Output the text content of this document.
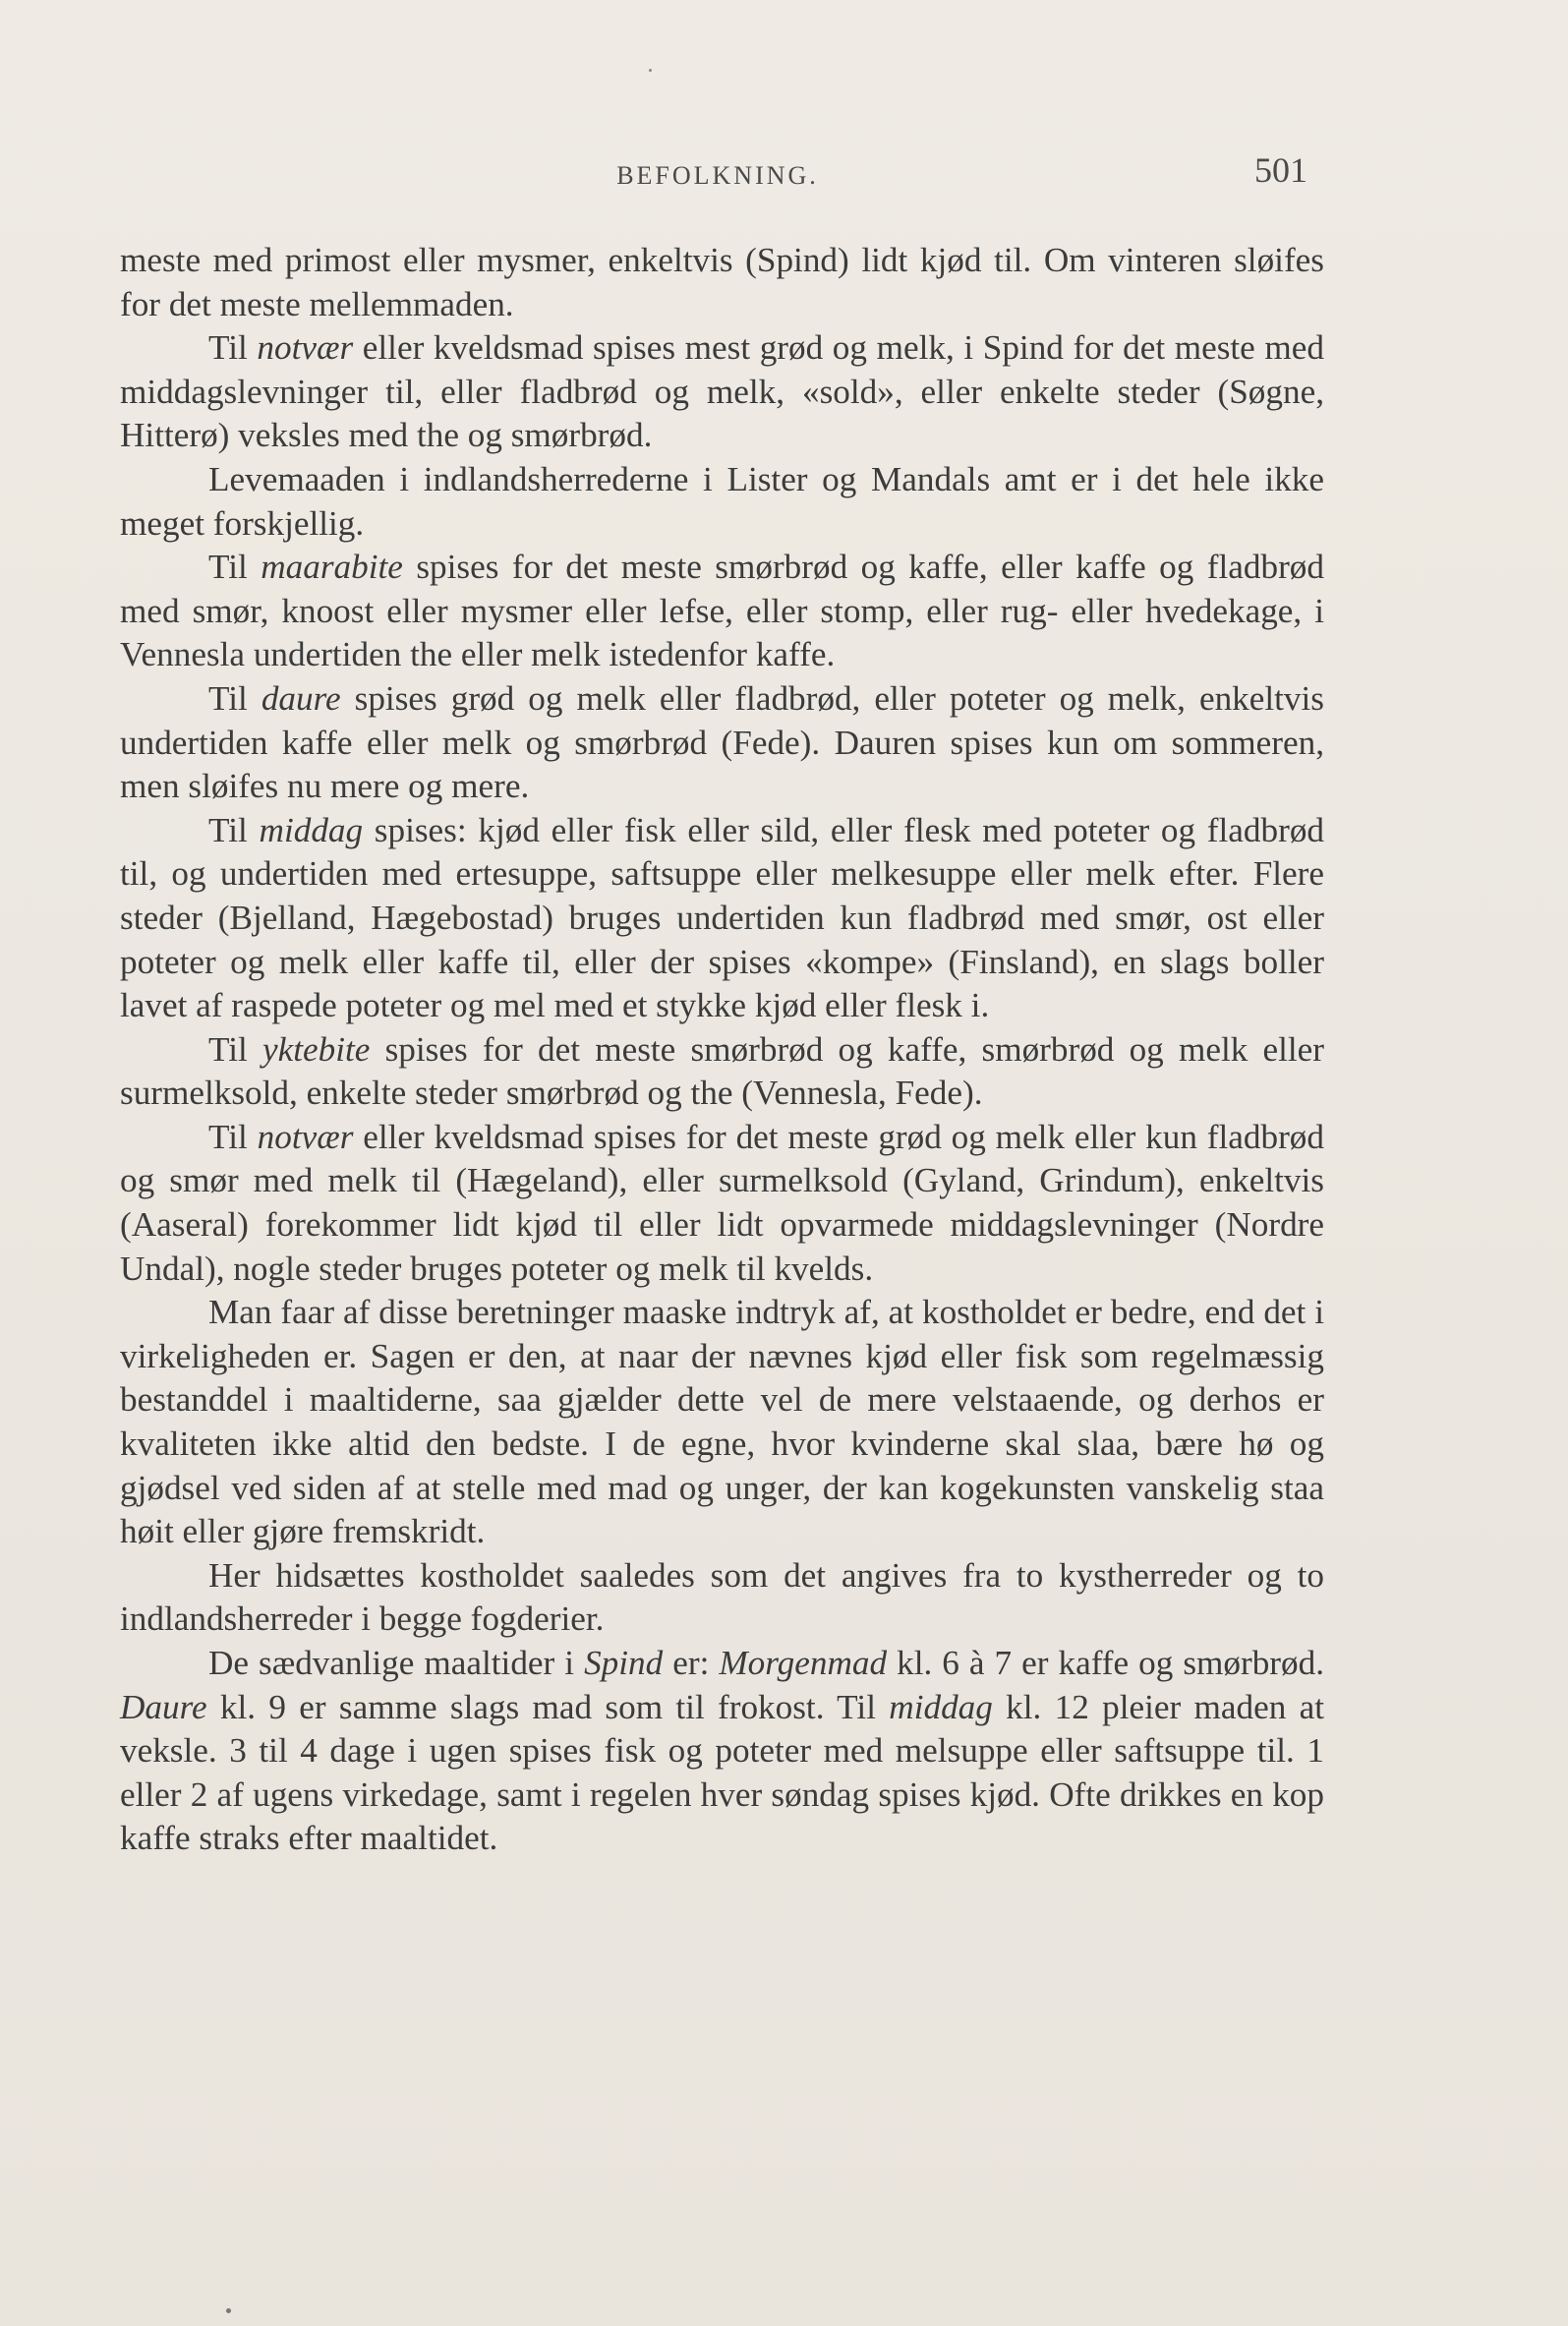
BEFOLKNING.	501

meste med primost eller mysmer, enkeltvis (Spind) lidt kjød til. Om vinteren sløifes for det meste mellemmaden.

Til notvær eller kveldsmad spises mest grød og melk, i Spind for det meste med middagslevninger til, eller fladbrød og melk, «sold», eller enkelte steder (Søgne, Hitterø) veksles med the og smørbrød.

Levemaaden i indlandsherrederne i Lister og Mandals amt er i det hele ikke meget forskjellig.

Til maarabite spises for det meste smørbrød og kaffe, eller kaffe og fladbrød med smør, knoost eller mysmer eller lefse, eller stomp, eller rug- eller hvedekage, i Vennesla undertiden the eller melk istedenfor kaffe.

Til daure spises grød og melk eller fladbrød, eller poteter og melk, enkeltvis undertiden kaffe eller melk og smørbrød (Fede). Dauren spises kun om sommeren, men sløifes nu mere og mere.

Til middag spises: kjød eller fisk eller sild, eller flesk med poteter og fladbrød til, og undertiden med ertesuppe, saftsuppe eller melkesuppe eller melk efter. Flere steder (Bjelland, Hægebostad) bruges undertiden kun fladbrød med smør, ost eller poteter og melk eller kaffe til, eller der spises «kompe» (Finsland), en slags boller lavet af raspede poteter og mel med et stykke kjød eller flesk i.

Til yktebite spises for det meste smørbrød og kaffe, smørbrød og melk eller surmelksold, enkelte steder smørbrød og the (Vennesla, Fede).

Til notvær eller kveldsmad spises for det meste grød og melk eller kun fladbrød og smør med melk til (Hægeland), eller surmelksold (Gyland, Grindum), enkeltvis (Aaseral) forekommer lidt kjød til eller lidt opvarmede middagslevninger (Nordre Undal), nogle steder bruges poteter og melk til kvelds.

Man faar af disse beretninger maaske indtryk af, at kostholdet er bedre, end det i virkeligheden er. Sagen er den, at naar der nævnes kjød eller fisk som regelmæssig bestanddel i maaltiderne, saa gjælder dette vel de mere velstaaende, og derhos er kvaliteten ikke altid den bedste. I de egne, hvor kvinderne skal slaa, bære hø og gjødsel ved siden af at stelle med mad og unger, der kan kogekunsten vanskelig staa høit eller gjøre fremskridt.

Her hidsættes kostholdet saaledes som det angives fra to kystherreder og to indlandsherreder i begge fogderier.

De sædvanlige maaltider i Spind er: Morgenmad kl. 6 à 7 er kaffe og smørbrød. Daure kl. 9 er samme slags mad som til frokost. Til middag kl. 12 pleier maden at veksle. 3 til 4 dage i ugen spises fisk og poteter med melsuppe eller saftsuppe til. 1 eller 2 af ugens virkedage, samt i regelen hver søndag spises kjød. Ofte drikkes en kop kaffe straks efter maaltidet.
